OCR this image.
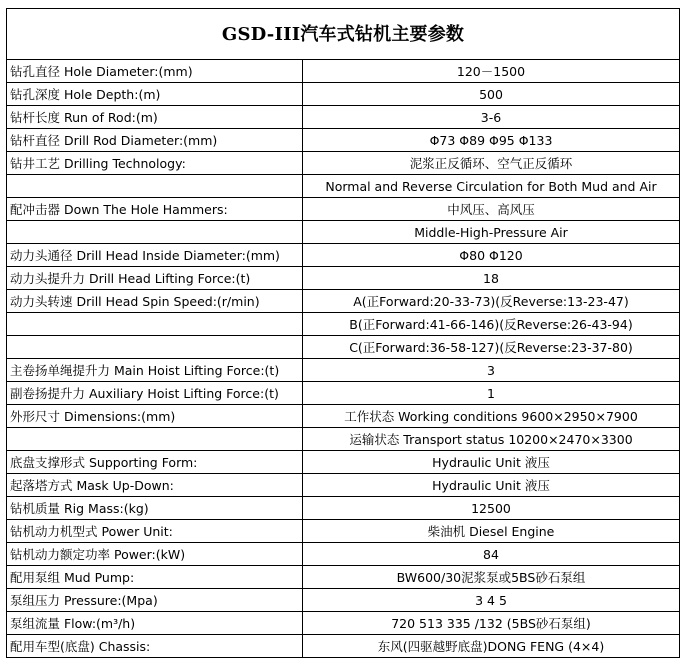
GSD-III汽车式钻机主要参数	
钻孔直径 Hole Diameter:(mm)	120－1500
钻孔深度 Hole Depth:(m)	500
钻杆长度 Run of Rod:(m)	3-6
钻杆直径 Drill Rod Diameter:(mm)	Φ73 Φ89 Φ95 Φ133
钻井工艺 Drilling Technology:	泥浆正反循环、空气正反循环
	Normal and Reverse Circulation for Both Mud and Air
配冲击器 Down The Hole Hammers:	中风压、高风压
	Middle-High-Pressure Air
动力头通径 Drill Head Inside Diameter:(mm)	Φ80 Φ120
动力头提升力 Drill Head Lifting Force:(t)	18
动力头转速 Drill Head Spin Speed:(r/min)	A(正Forward:20-33-73)(反Reverse:13-23-47)
	B(正Forward:41-66-146)(反Reverse:26-43-94)
	C(正Forward:36-58-127)(反Reverse:23-37-80)
主卷扬单绳提升力 Main Hoist Lifting Force:(t)	3
副卷扬提升力 Auxiliary Hoist Lifting Force:(t)	1
外形尺寸 Dimensions:(mm)	工作状态 Working conditions 9600×2950×7900
	运输状态 Transport status 10200×2470×3300
底盘支撑形式 Supporting Form:	Hydraulic Unit 液压
起落塔方式 Mask Up-Down:	Hydraulic Unit 液压
钻机质量 Rig Mass:(kg)	12500
钻机动力机型式 Power Unit:	柴油机 Diesel Engine
钻机动力额定功率 Power:(kW)	84
配用泵组 Mud Pump:	BW600/30泥浆泵或5BS砂石泵组
泵组压力 Pressure:(Mpa)	3 4 5
泵组流量 Flow:(m³/h)	720 513 335 /132 (5BS砂石泵组)
配用车型(底盘) Chassis:	东风(四驱越野底盘)DONG FENG (4×4)
